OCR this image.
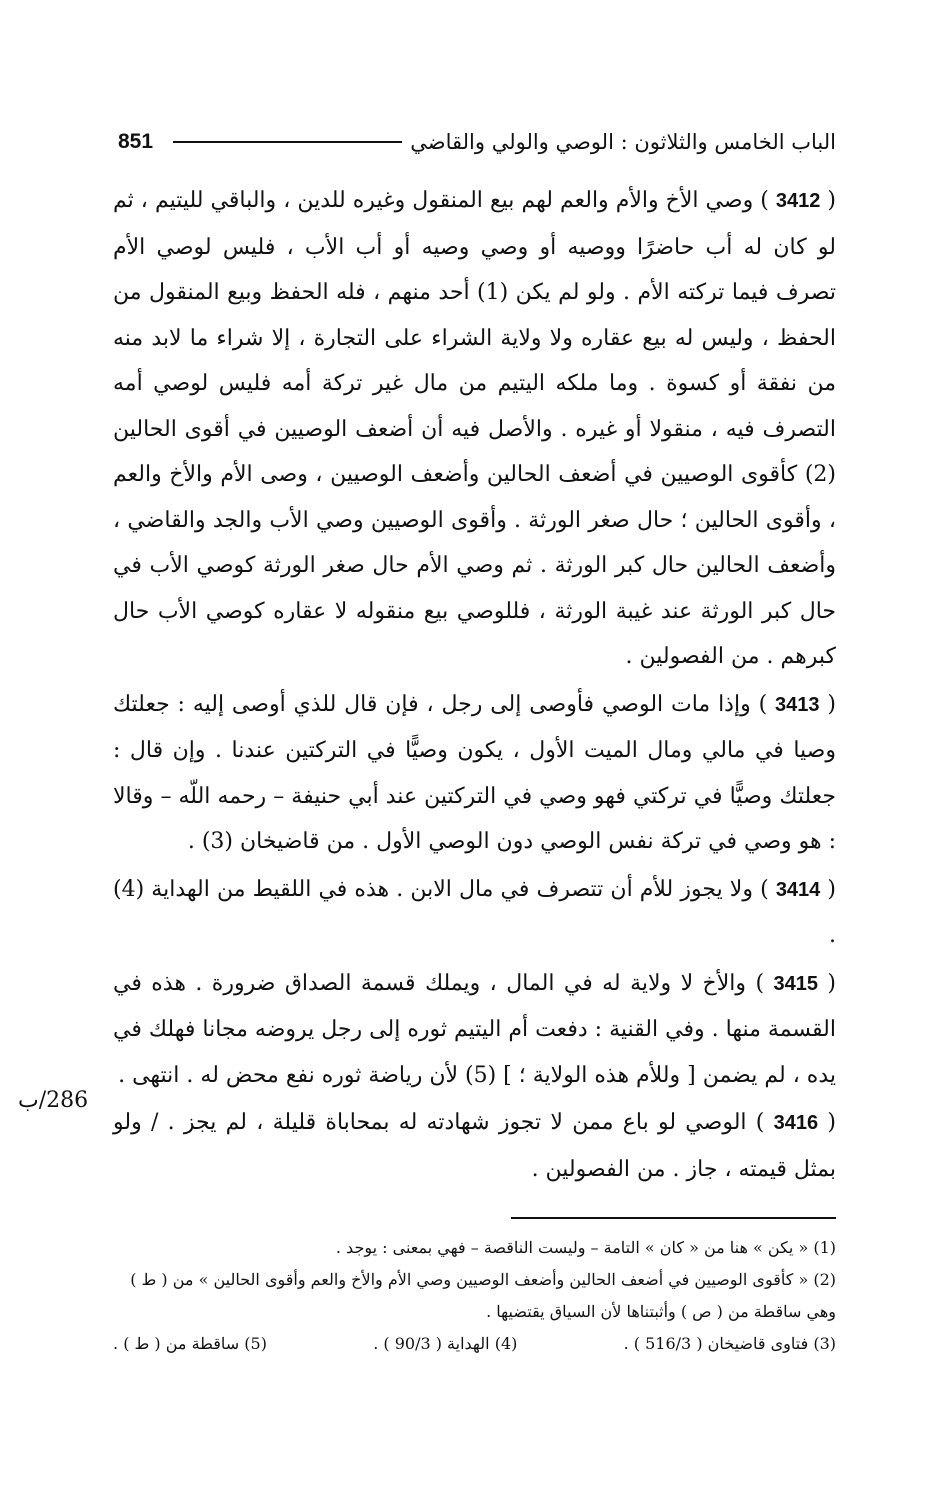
851	الباب الخامس والثلاثون : الوصي والولي والقاضي
286/ب

( 3412 ) وصي الأخ والأم والعم لهم بيع المنقول وغيره للدين ، والباقي لليتيم ، ثم لو كان له أب حاضرًا ووصيه أو وصي وصيه أو أب الأب ، فليس لوصي الأم تصرف فيما تركته الأم . ولو لم يكن (1) أحد منهم ، فله الحفظ وبيع المنقول من الحفظ ، وليس له بيع عقاره ولا ولاية الشراء على التجارة ، إلا شراء ما لابد منه من نفقة أو كسوة . وما ملكه اليتيم من مال غير تركة أمه فليس لوصي أمه التصرف فيه ، منقولا أو غيره . والأصل فيه أن أضعف الوصيين في أقوى الحالين (2) كأقوى الوصيين في أضعف الحالين وأضعف الوصيين ، وصى الأم والأخ والعم ، وأقوى الحالين ؛ حال صغر الورثة . وأقوى الوصيين وصي الأب والجد والقاضي ، وأضعف الحالين حال كبر الورثة . ثم وصي الأم حال صغر الورثة كوصي الأب في حال كبر الورثة عند غيبة الورثة ، فللوصي بيع منقوله لا عقاره كوصي الأب حال كبرهم . من الفصولين .

( 3413 ) وإذا مات الوصي فأوصى إلى رجل ، فإن قال للذي أوصى إليه : جعلتك وصيا في مالي ومال الميت الأول ، يكون وصيًّا في التركتين عندنا . وإن قال : جعلتك وصيًّا في تركتي فهو وصي في التركتين عند أبي حنيفة – رحمه اللّه – وقالا : هو وصي في تركة نفس الوصي دون الوصي الأول . من قاضيخان (3) .

( 3414 ) ولا يجوز للأم أن تتصرف في مال الابن . هذه في اللقيط من الهداية (4) .

( 3415 ) والأخ لا ولاية له في المال ، ويملك قسمة الصداق ضرورة . هذه في القسمة منها . وفي القنية : دفعت أم اليتيم ثوره إلى رجل يروضه مجانا فهلك في يده ، لم يضمن [ وللأم هذه الولاية ؛ ] (5) لأن رياضة ثوره نفع محض له . انتهى .

( 3416 ) الوصي لو باع ممن لا تجوز شهادته له بمحاباة قليلة ، لم يجز . / ولو بمثل قيمته ، جاز . من الفصولين .

(1) « يكن » هنا من « كان » التامة – وليست الناقصة – فهي بمعنى : يوجد .

(2) « كأقوى الوصيين في أضعف الحالين وأضعف الوصيين وصي الأم والأخ والعم وأقوى الحالين » من ( ط )

وهي ساقطة من ( ص ) وأثبتناها لأن السياق يقتضيها .

(3) فتاوى قاضيخان ( 516/3 ) .
(4) الهداية ( 90/3 ) .
(5) ساقطة من ( ط ) .
